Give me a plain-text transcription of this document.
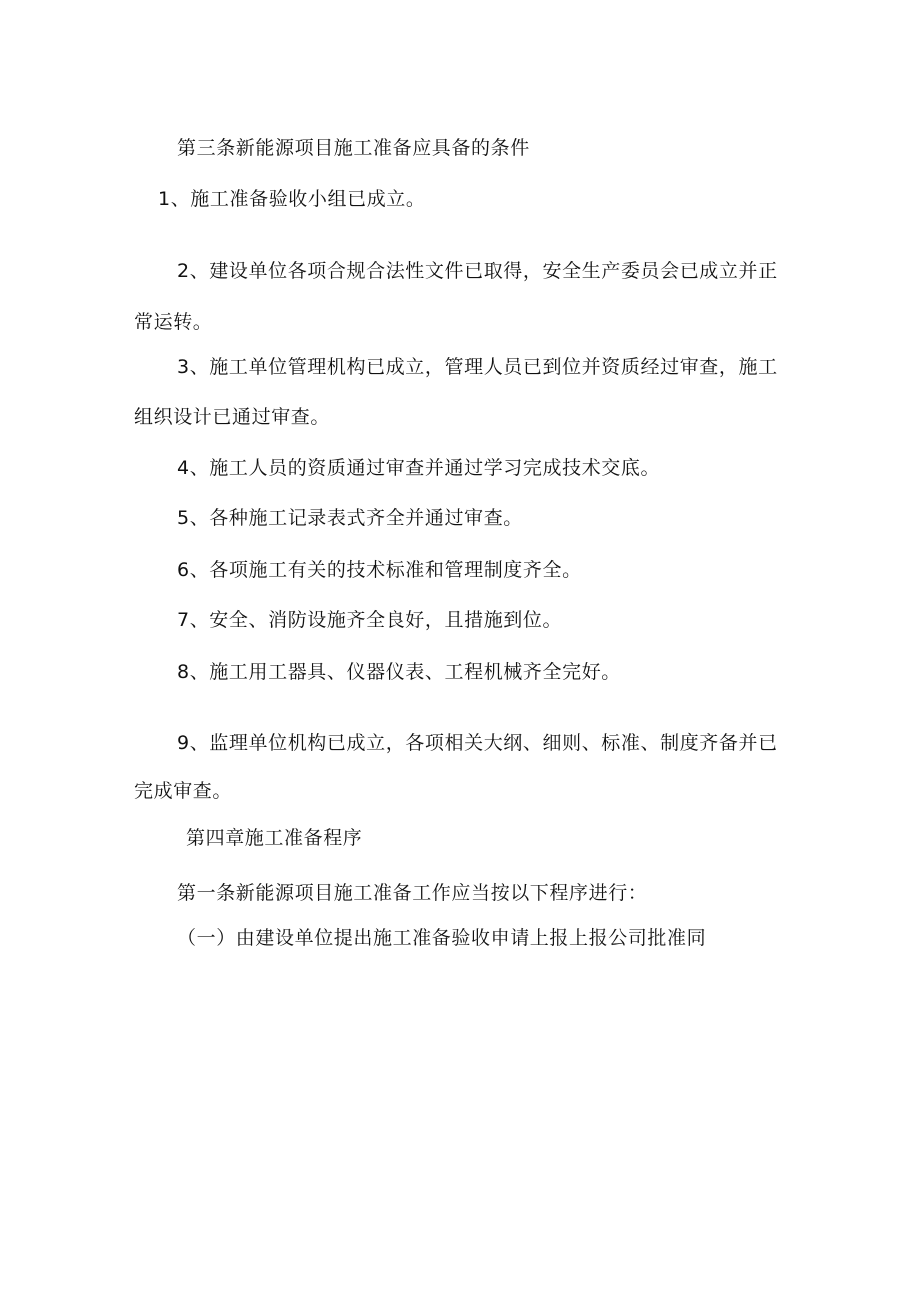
第三条新能源项目施工准备应具备的条件
1、施工准备验收小组已成立。
2、建设单位各项合规合法性文件已取得，安全生产委员会已成立并正
常运转。
3、施工单位管理机构已成立，管理人员已到位并资质经过审查，施工
组织设计已通过审查。
4、施工人员的资质通过审查并通过学习完成技术交底。
5、各种施工记录表式齐全并通过审查。
6、各项施工有关的技术标准和管理制度齐全。
7、安全、消防设施齐全良好，且措施到位。
8、施工用工器具、仪器仪表、工程机械齐全完好。
9、监理单位机构已成立，各项相关大纲、细则、标准、制度齐备并已
完成审查。
第四章施工准备程序
第一条新能源项目施工准备工作应当按以下程序进行：
（一）由建设单位提出施工准备验收申请上报上报公司批准同
